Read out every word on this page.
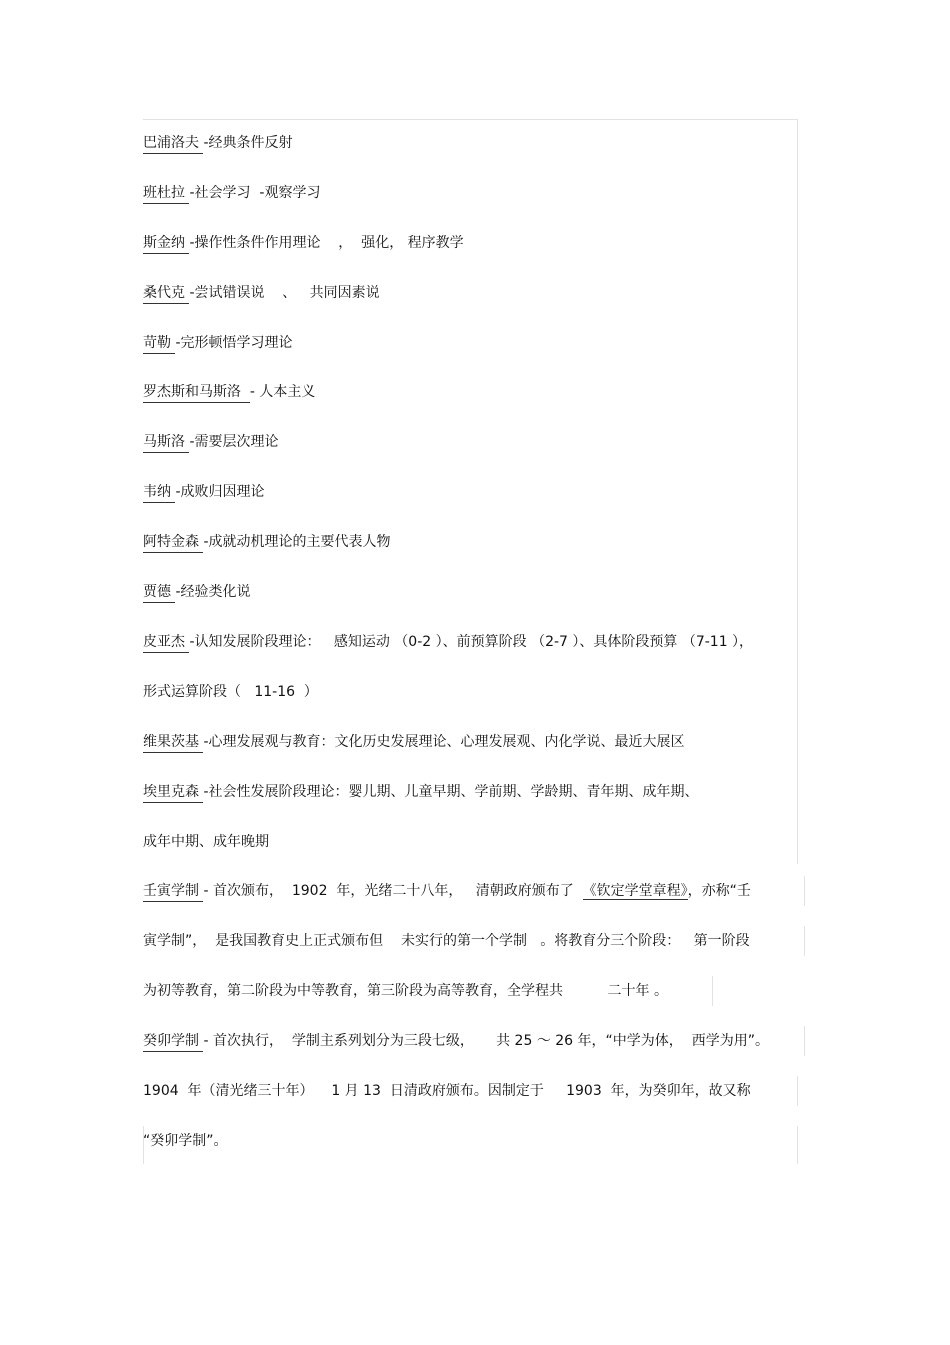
巴浦洛夫 -经典条件反射

班杜拉 -社会学习  -观察学习

斯金纳 -操作性条件作用理论    ，  强化， 程序教学

桑代克 -尝试错误说    、   共同因素说

苛勒 -完形顿悟学习理论

罗杰斯和马斯洛  - 人本主义

马斯洛 -需要层次理论

韦纳 -成败归因理论

阿特金森 -成就动机理论的主要代表人物

贾德 -经验类化说

皮亚杰 -认知发展阶段理论：   感知运动 （0-2 ）、前预算阶段 （2-7 ）、具体阶段预算 （7-11 ），

形式运算阶段（   11-16  ）

维果茨基 -心理发展观与教育：文化历史发展理论、心理发展观、内化学说、最近大展区

埃里克森 -社会性发展阶段理论：婴儿期、儿童早期、学前期、学龄期、青年期、成年期、

成年中期、成年晚期

壬寅学制 - 首次颁布，  1902  年，光绪二十八年，   清朝政府颁布了  《钦定学堂章程》，亦称“壬

寅学制”，  是我国教育史上正式颁布但    未实行的第一个学制   。将教育分三个阶段：   第一阶段

为初等教育，第二阶段为中等教育，第三阶段为高等教育，全学程共          二十年 。

癸卯学制 - 首次执行，  学制主系列划分为三段七级，     共 25 ～ 26 年，“中学为体，  西学为用”。

1904  年（清光绪三十年）    1 月 13  日清政府颁布。因制定于     1903  年，为癸卯年，故又称

“癸卯学制”。
